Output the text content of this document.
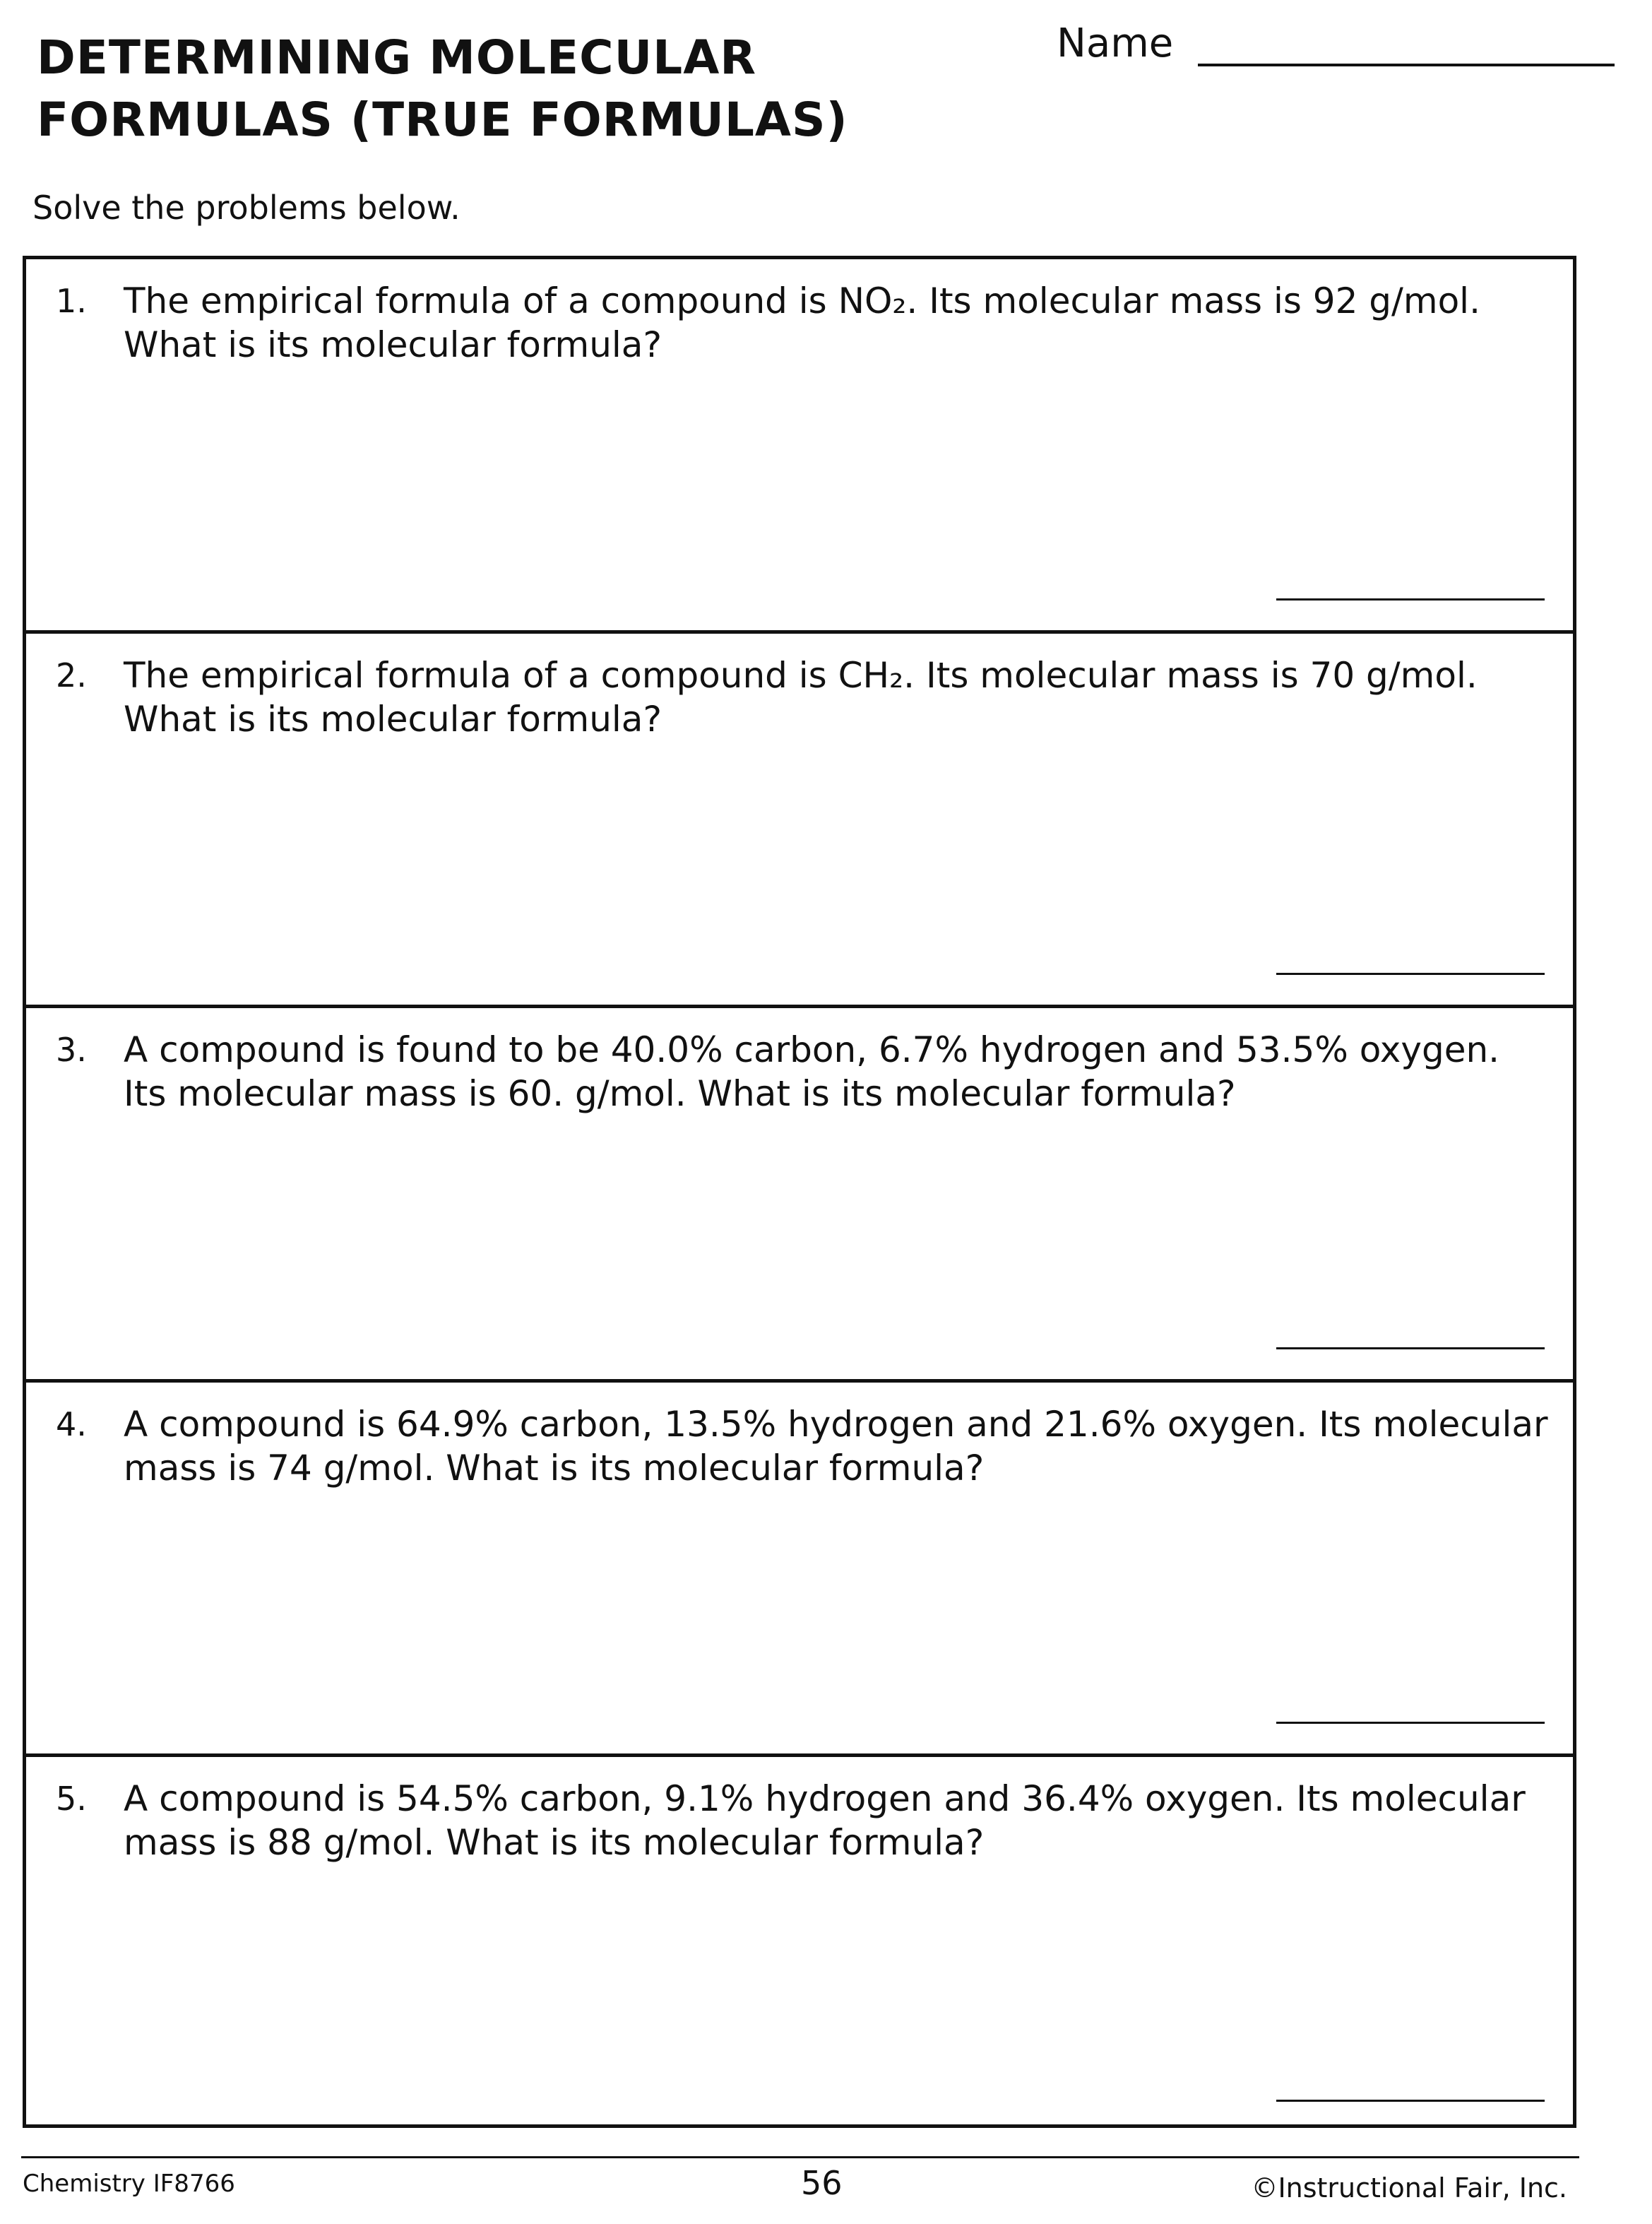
DETERMINING MOLECULAR
FORMULAS (TRUE FORMULAS)
Name
Solve the problems below.
1. The empirical formula of a compound is NO₂. Its molecular mass is 92 g/mol.
What is its molecular formula?
2. The empirical formula of a compound is CH₂. Its molecular mass is 70 g/mol.
What is its molecular formula?
3. A compound is found to be 40.0% carbon, 6.7% hydrogen and 53.5% oxygen.
Its molecular mass is 60. g/mol. What is its molecular formula?
4. A compound is 64.9% carbon, 13.5% hydrogen and 21.6% oxygen. Its molecular
mass is 74 g/mol. What is its molecular formula?
5. A compound is 54.5% carbon, 9.1% hydrogen and 36.4% oxygen. Its molecular
mass is 88 g/mol. What is its molecular formula?
Chemistry IF8766	56	©Instructional Fair, Inc.
